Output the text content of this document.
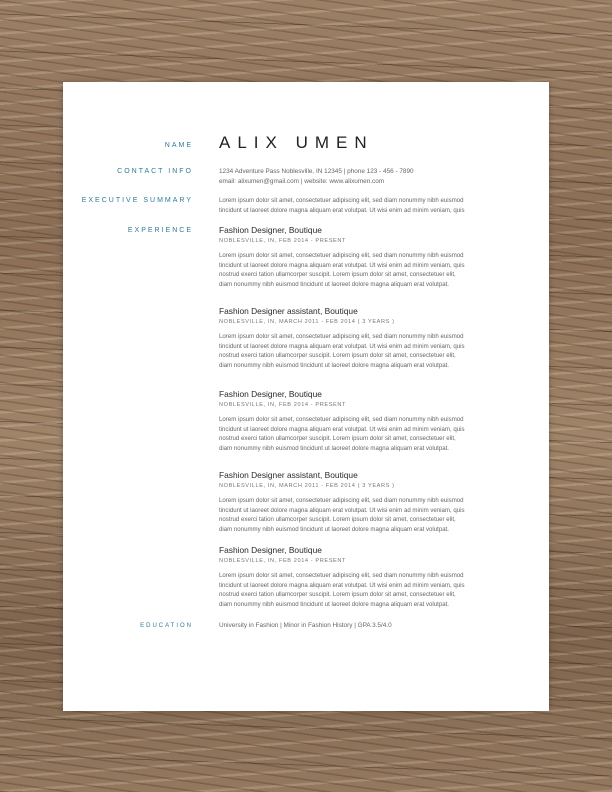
NAME ALIX UMEN
CONTACT INFO	1234 Adventure Pass Noblesville, IN 12345 | phone 123 - 456 - 7890
email: alixumen@gmail.com | website: www.alixumen.com
EXECUTIVE SUMMARY	Lorem ipsum dolor sit amet, consectetuer adipiscing elit, sed diam nonummy nibh euismod

tincidunt ut laoreet dolore magna aliquam erat volutpat. Ut wisi enim ad minim veniam, quis

EXPERIENCE	Fashion Designer, Boutique
NOBLESVILLE, IN, FEB 2014 - PRESENT

Lorem ipsum dolor sit amet, consectetuer adipiscing elit, sed diam nonummy nibh euismod

tincidunt ut laoreet dolore magna aliquam erat volutpat. Ut wisi enim ad minim veniam, quis

nostrud exerci tation ullamcorper suscipit. Lorem ipsum dolor sit amet, consectetuer elit,

diam nonummy nibh euismod tincidunt ut laoreet dolore magna aliquam erat volutpat.

Fashion Designer assistant, Boutique
NOBLESVILLE, IN, MARCH 2011 - FEB 2014 ( 3 YEARS )

Lorem ipsum dolor sit amet, consectetuer adipiscing elit, sed diam nonummy nibh euismod

tincidunt ut laoreet dolore magna aliquam erat volutpat. Ut wisi enim ad minim veniam, quis

nostrud exerci tation ullamcorper suscipit. Lorem ipsum dolor sit amet, consectetuer elit,

diam nonummy nibh euismod tincidunt ut laoreet dolore magna aliquam erat volutpat.

Fashion Designer, Boutique
NOBLESVILLE, IN, FEB 2014 - PRESENT

Lorem ipsum dolor sit amet, consectetuer adipiscing elit, sed diam nonummy nibh euismod

tincidunt ut laoreet dolore magna aliquam erat volutpat. Ut wisi enim ad minim veniam, quis

nostrud exerci tation ullamcorper suscipit. Lorem ipsum dolor sit amet, consectetuer elit,

diam nonummy nibh euismod tincidunt ut laoreet dolore magna aliquam erat volutpat.

Fashion Designer assistant, Boutique
NOBLESVILLE, IN, MARCH 2011 - FEB 2014 ( 3 YEARS )

Lorem ipsum dolor sit amet, consectetuer adipiscing elit, sed diam nonummy nibh euismod

tincidunt ut laoreet dolore magna aliquam erat volutpat. Ut wisi enim ad minim veniam, quis

nostrud exerci tation ullamcorper suscipit. Lorem ipsum dolor sit amet, consectetuer elit,

diam nonummy nibh euismod tincidunt ut laoreet dolore magna aliquam erat volutpat.

Fashion Designer, Boutique
NOBLESVILLE, IN, FEB 2014 - PRESENT

Lorem ipsum dolor sit amet, consectetuer adipiscing elit, sed diam nonummy nibh euismod

tincidunt ut laoreet dolore magna aliquam erat volutpat. Ut wisi enim ad minim veniam, quis

nostrud exerci tation ullamcorper suscipit. Lorem ipsum dolor sit amet, consectetuer elit,

diam nonummy nibh euismod tincidunt ut laoreet dolore magna aliquam erat volutpat.

EDUCATION	University in Fashion | Minor in Fashion History | GPA 3.5/4.0
